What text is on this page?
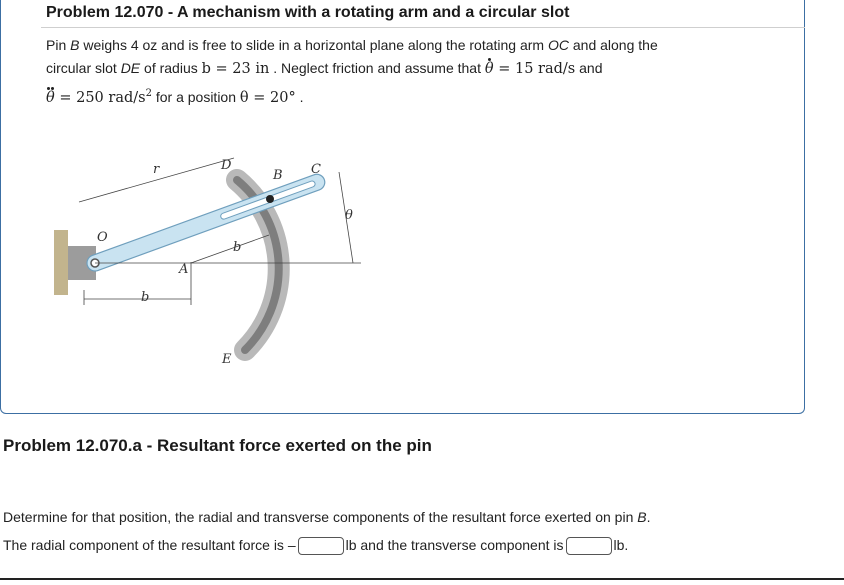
Problem 12.070 - A mechanism with a rotating arm and a circular slot
Pin B weighs 4 oz and is free to slide in a horizontal plane along the rotating arm OC and along the
circular slot DE of radius b = 23 in . Neglect friction and assume that θ = 15 rad/s and
θ = 250 rad/$s^2$ for a position θ = 20° .
r	D
B C
O
θ
A
b
b
E
Problem 12.070.a - Resultant force exerted on the pin
Determine for that position, the radial and transverse components of the resultant force exerted on pin B.
The radial component of the resultant force is –	lb and the transverse component is	lb.
